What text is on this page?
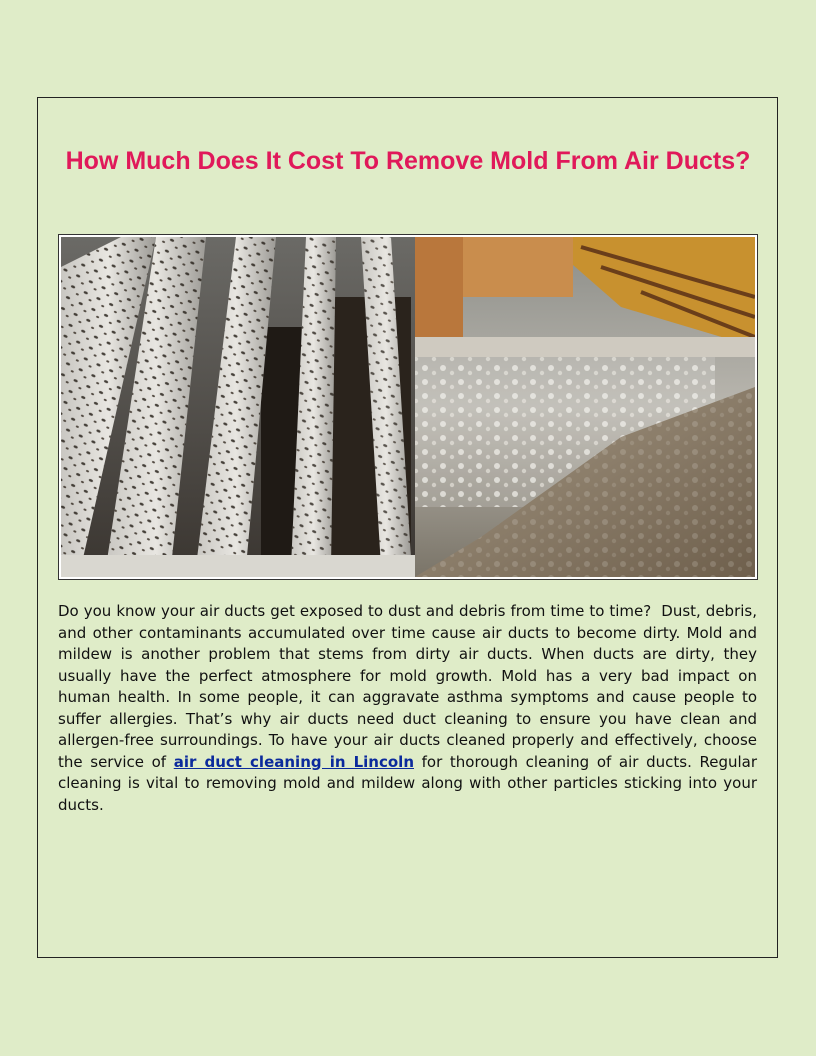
How Much Does It Cost To Remove Mold From Air Ducts?

Do you know your air ducts get exposed to dust and debris from time to time?  Dust, debris, and other contaminants accumulated over time cause air ducts to become dirty. Mold and mildew is another problem that stems from dirty air ducts. When ducts are dirty, they usually have the perfect atmosphere for mold growth. Mold has a very bad impact on human health. In some people, it can aggravate asthma symptoms and cause people to suffer allergies. That’s why air ducts need duct cleaning to ensure you have clean and allergen-free surroundings. To have your air ducts cleaned properly and effectively, choose the service of air duct cleaning in Lincoln for thorough cleaning of air ducts. Regular cleaning is vital to removing mold and mildew along with other particles sticking into your ducts.
